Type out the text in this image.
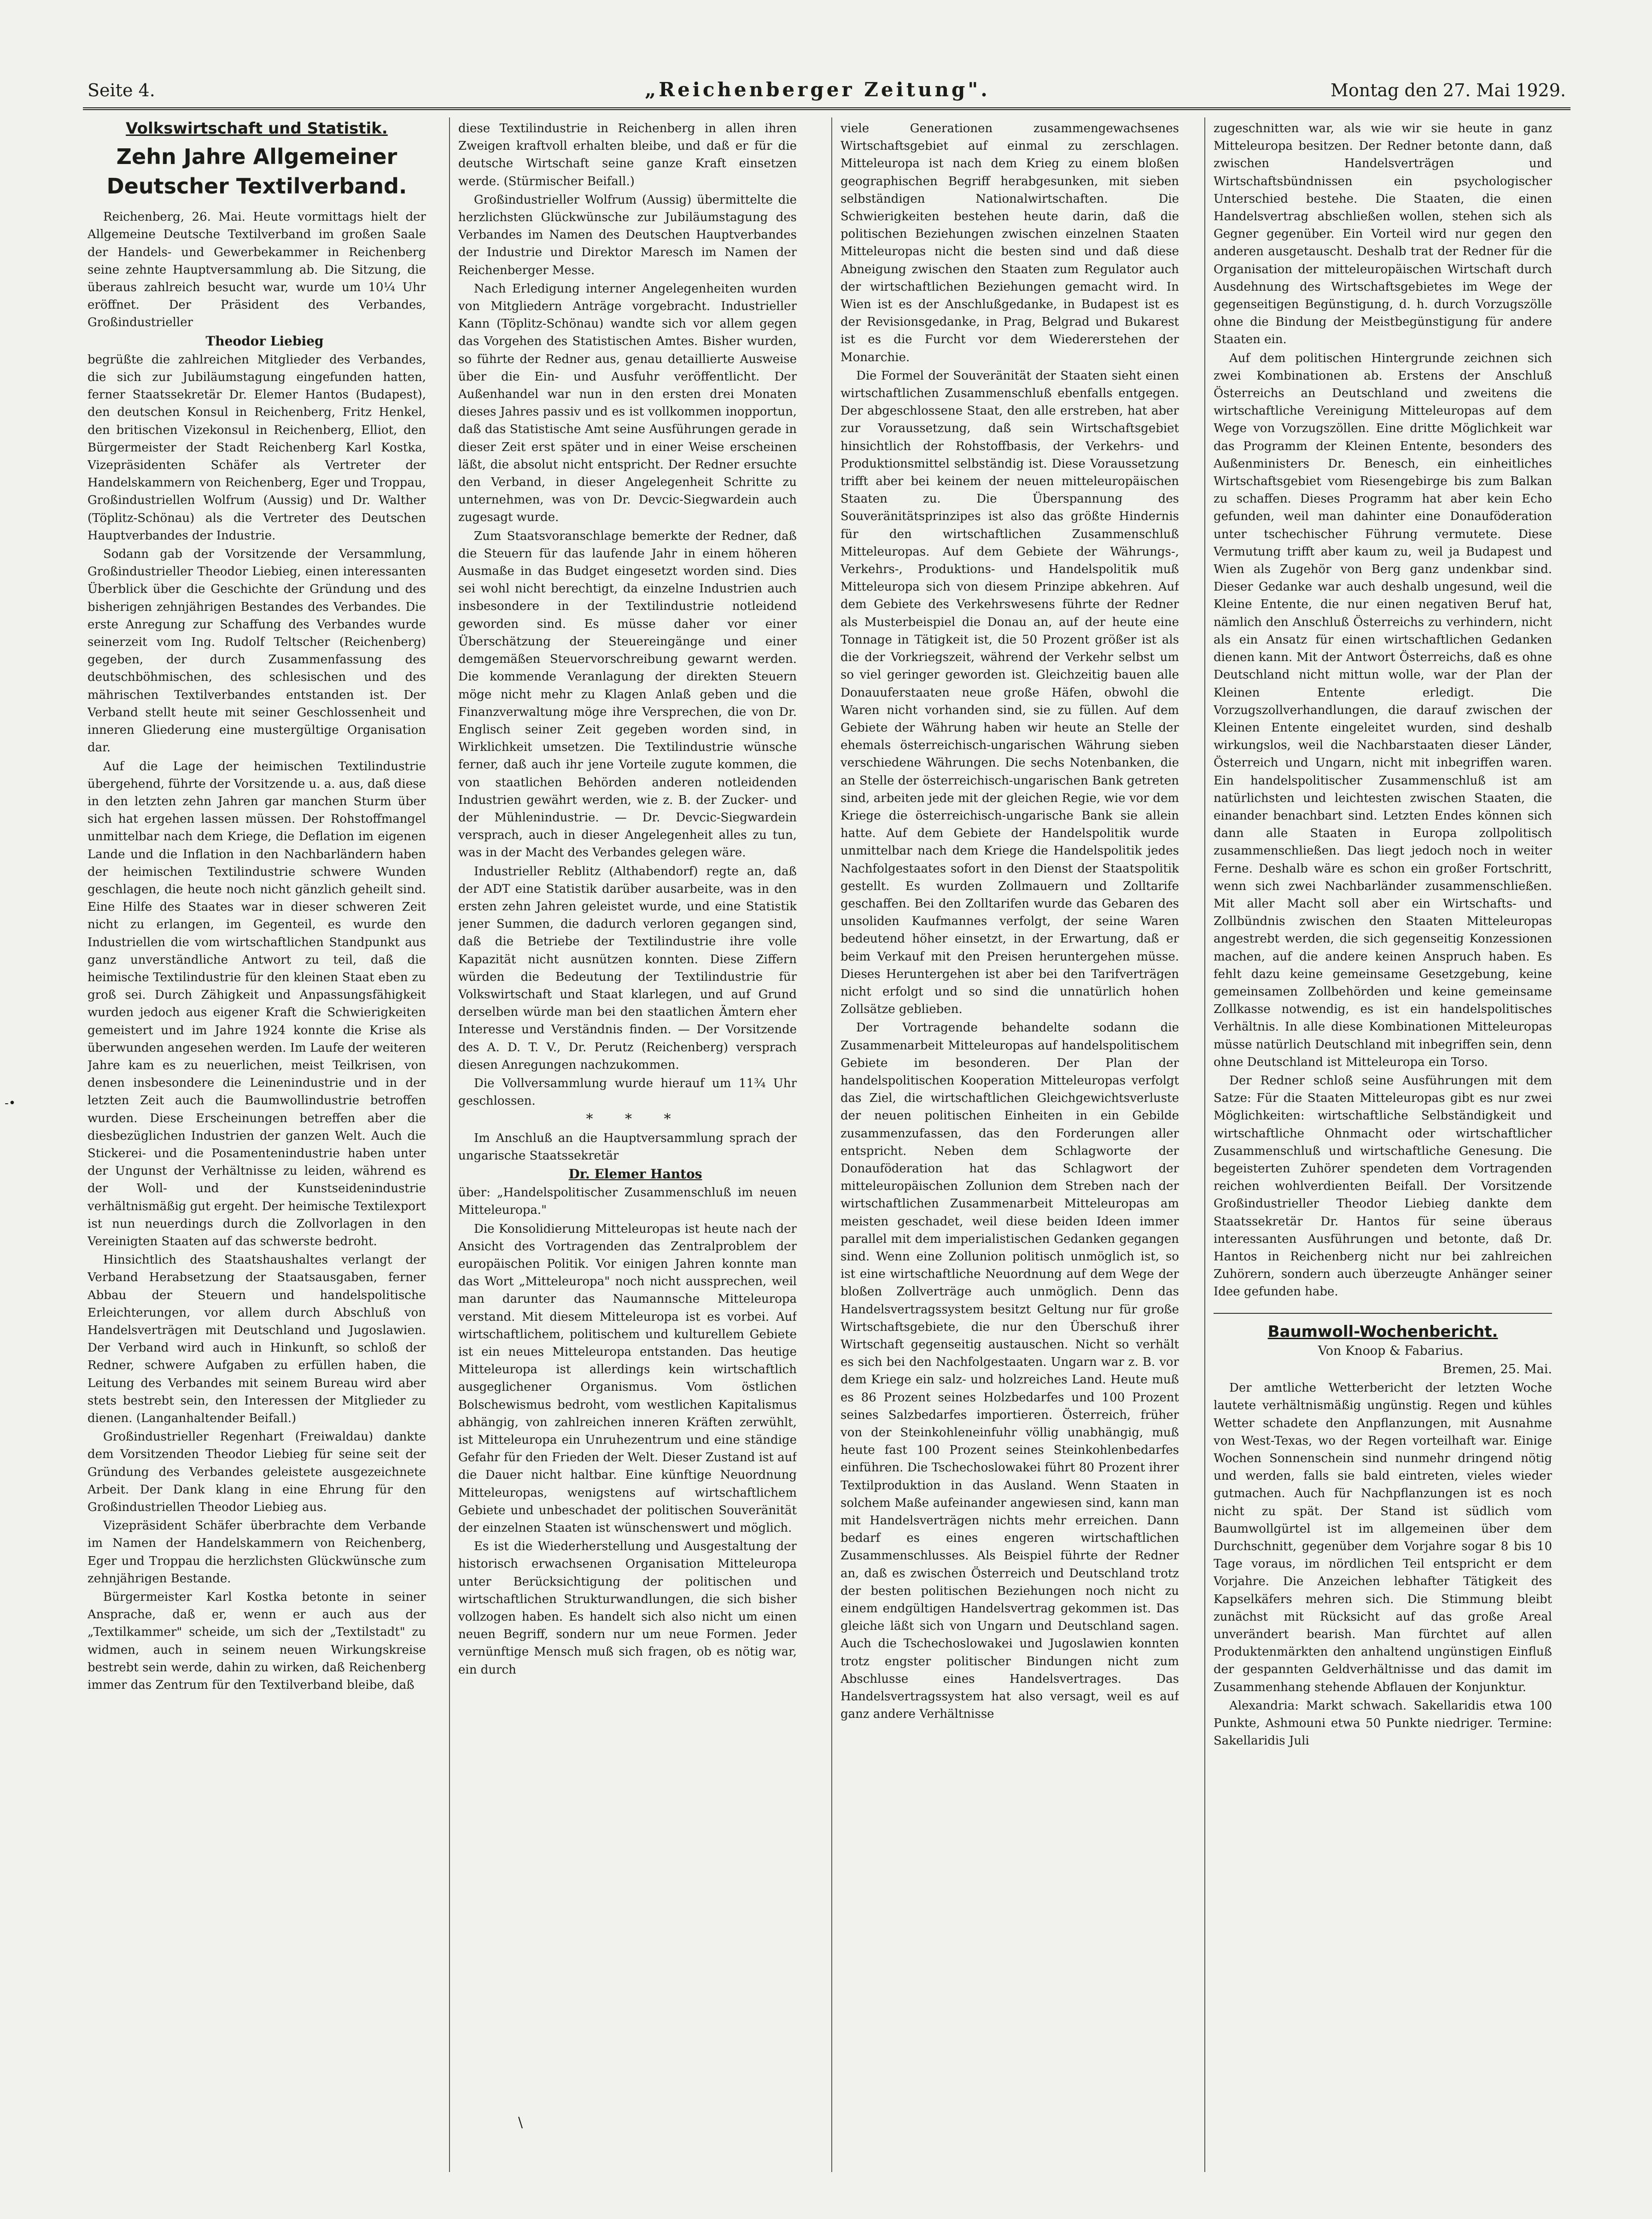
Seite 4.	„Reichenberger Zeitung".	Montag den 27. Mai 1929.
-•
Volkswirtschaft und Statistik.
Zehn Jahre Allgemeiner Deutscher Textilverband.

Reichenberg, 26. Mai. Heute vormittags hielt der Allgemeine Deutsche Textilverband im großen Saale der Handels- und Gewerbekammer in Reichenberg seine zehnte Hauptversammlung ab. Die Sitzung, die überaus zahlreich besucht war, wurde um 10¼ Uhr eröffnet. Der Präsident des Verbandes, Großindustrieller

Theodor Liebieg

begrüßte die zahlreichen Mitglieder des Verbandes, die sich zur Jubiläumstagung eingefunden hatten, ferner Staatssekretär Dr. Elemer Hantos (Budapest), den deutschen Konsul in Reichenberg, Fritz Henkel, den britischen Vizekonsul in Reichenberg, Elliot, den Bürgermeister der Stadt Reichenberg Karl Kostka, Vizepräsidenten Schäfer als Vertreter der Handelskammern von Reichenberg, Eger und Troppau, Großindustriellen Wolfrum (Aussig) und Dr. Walther (Töplitz-Schönau) als die Vertreter des Deutschen Hauptverbandes der Industrie.

Sodann gab der Vorsitzende der Versammlung, Großindustrieller Theodor Liebieg, einen interessanten Überblick über die Geschichte der Gründung und des bisherigen zehnjährigen Bestandes des Verbandes. Die erste Anregung zur Schaffung des Verbandes wurde seinerzeit vom Ing. Rudolf Teltscher (Reichenberg) gegeben, der durch Zusammenfassung des deutschböhmischen, des schlesischen und des mährischen Textilverbandes entstanden ist. Der Verband stellt heute mit seiner Geschlossenheit und inneren Gliederung eine mustergültige Organisation dar.

Auf die Lage der heimischen Textilindustrie übergehend, führte der Vorsitzende u. a. aus, daß diese in den letzten zehn Jahren gar manchen Sturm über sich hat ergehen lassen müssen. Der Rohstoffmangel unmittelbar nach dem Kriege, die Deflation im eigenen Lande und die Inflation in den Nachbarländern haben der heimischen Textilindustrie schwere Wunden geschlagen, die heute noch nicht gänzlich geheilt sind. Eine Hilfe des Staates war in dieser schweren Zeit nicht zu erlangen, im Gegenteil, es wurde den Industriellen die vom wirtschaftlichen Standpunkt aus ganz unverständliche Antwort zu teil, daß die heimische Textilindustrie für den kleinen Staat eben zu groß sei. Durch Zähigkeit und Anpassungsfähigkeit wurden jedoch aus eigener Kraft die Schwierigkeiten gemeistert und im Jahre 1924 konnte die Krise als überwunden angesehen werden. Im Laufe der weiteren Jahre kam es zu neuerlichen, meist Teilkrisen, von denen insbesondere die Leinenindustrie und in der letzten Zeit auch die Baumwollindustrie betroffen wurden. Diese Erscheinungen betreffen aber die diesbezüglichen Industrien der ganzen Welt. Auch die Stickerei- und die Posamentenindustrie haben unter der Ungunst der Verhältnisse zu leiden, während es der Woll- und der Kunstseidenindustrie verhältnismäßig gut ergeht. Der heimische Textilexport ist nun neuerdings durch die Zollvorlagen in den Vereinigten Staaten auf das schwerste bedroht.

Hinsichtlich des Staatshaushaltes verlangt der Verband Herabsetzung der Staatsausgaben, ferner Abbau der Steuern und handelspolitische Erleichterungen, vor allem durch Abschluß von Handelsverträgen mit Deutschland und Jugoslawien. Der Verband wird auch in Hinkunft, so schloß der Redner, schwere Aufgaben zu erfüllen haben, die Leitung des Verbandes mit seinem Bureau wird aber stets bestrebt sein, den Interessen der Mitglieder zu dienen. (Langanhaltender Beifall.)

Großindustrieller Regenhart (Freiwaldau) dankte dem Vorsitzenden Theodor Liebieg für seine seit der Gründung des Verbandes geleistete ausgezeichnete Arbeit. Der Dank klang in eine Ehrung für den Großindustriellen Theodor Liebieg aus.

Vizepräsident Schäfer überbrachte dem Verbande im Namen der Handelskammern von Reichenberg, Eger und Troppau die herzlichsten Glückwünsche zum zehnjährigen Bestande.

Bürgermeister Karl Kostka betonte in seiner Ansprache, daß er, wenn er auch aus der „Textilkammer" scheide, um sich der „Textilstadt" zu widmen, auch in seinem neuen Wirkungskreise bestrebt sein werde, dahin zu wirken, daß Reichenberg immer das Zentrum für den Textilverband bleibe, daß

diese Textilindustrie in Reichenberg in allen ihren Zweigen kraftvoll erhalten bleibe, und daß er für die deutsche Wirtschaft seine ganze Kraft einsetzen werde. (Stürmischer Beifall.)

Großindustrieller Wolfrum (Aussig) übermittelte die herzlichsten Glückwünsche zur Jubiläumstagung des Verbandes im Namen des Deutschen Hauptverbandes der Industrie und Direktor Maresch im Namen der Reichenberger Messe.

Nach Erledigung interner Angelegenheiten wurden von Mitgliedern Anträge vorgebracht. Industrieller Kann (Töplitz-Schönau) wandte sich vor allem gegen das Vorgehen des Statistischen Amtes. Bisher wurden, so führte der Redner aus, genau detaillierte Ausweise über die Ein- und Ausfuhr veröffentlicht. Der Außenhandel war nun in den ersten drei Monaten dieses Jahres passiv und es ist vollkommen inopportun, daß das Statistische Amt seine Ausführungen gerade in dieser Zeit erst später und in einer Weise erscheinen läßt, die absolut nicht entspricht. Der Redner ersuchte den Verband, in dieser Angelegenheit Schritte zu unternehmen, was von Dr. Devcic-Siegwardein auch zugesagt wurde.

Zum Staatsvoranschlage bemerkte der Redner, daß die Steuern für das laufende Jahr in einem höheren Ausmaße in das Budget eingesetzt worden sind. Dies sei wohl nicht berechtigt, da einzelne Industrien auch insbesondere in der Textilindustrie notleidend geworden sind. Es müsse daher vor einer Überschätzung der Steuereingänge und einer demgemäßen Steuervorschreibung gewarnt werden. Die kommende Veranlagung der direkten Steuern möge nicht mehr zu Klagen Anlaß geben und die Finanzverwaltung möge ihre Versprechen, die von Dr. Englisch seiner Zeit gegeben worden sind, in Wirklichkeit umsetzen. Die Textilindustrie wünsche ferner, daß auch ihr jene Vorteile zugute kommen, die von staatlichen Behörden anderen notleidenden Industrien gewährt werden, wie z. B. der Zucker- und der Mühlenindustrie. — Dr. Devcic-Siegwardein versprach, auch in dieser Angelegenheit alles zu tun, was in der Macht des Verbandes gelegen wäre.

Industrieller Reblitz (Althabendorf) regte an, daß der ADT eine Statistik darüber ausarbeite, was in den ersten zehn Jahren geleistet wurde, und eine Statistik jener Summen, die dadurch verloren gegangen sind, daß die Betriebe der Textilindustrie ihre volle Kapazität nicht ausnützen konnten. Diese Ziffern würden die Bedeutung der Textilindustrie für Volkswirtschaft und Staat klarlegen, und auf Grund derselben würde man bei den staatlichen Ämtern eher Interesse und Verständnis finden. — Der Vorsitzende des A. D. T. V., Dr. Perutz (Reichenberg) versprach diesen Anregungen nachzukommen.

Die Vollversammlung wurde hierauf um 11¾ Uhr geschlossen.

* * *

Im Anschluß an die Hauptversammlung sprach der ungarische Staatssekretär

Dr. Elemer Hantos

über: „Handelspolitischer Zusammenschluß im neuen Mitteleuropa."

Die Konsolidierung Mitteleuropas ist heute nach der Ansicht des Vortragenden das Zentralproblem der europäischen Politik. Vor einigen Jahren konnte man das Wort „Mitteleuropa" noch nicht aussprechen, weil man darunter das Naumannsche Mitteleuropa verstand. Mit diesem Mitteleuropa ist es vorbei. Auf wirtschaftlichem, politischem und kulturellem Gebiete ist ein neues Mitteleuropa entstanden. Das heutige Mitteleuropa ist allerdings kein wirtschaftlich ausgeglichener Organismus. Vom östlichen Bolschewismus bedroht, vom westlichen Kapitalismus abhängig, von zahlreichen inneren Kräften zerwühlt, ist Mitteleuropa ein Unruhezentrum und eine ständige Gefahr für den Frieden der Welt. Dieser Zustand ist auf die Dauer nicht haltbar. Eine künftige Neuordnung Mitteleuropas, wenigstens auf wirtschaftlichem Gebiete und unbeschadet der politischen Souveränität der einzelnen Staaten ist wünschenswert und möglich.

Es ist die Wiederherstellung und Ausgestaltung der historisch erwachsenen Organisation Mitteleuropa unter Berücksichtigung der politischen und wirtschaftlichen Strukturwandlungen, die sich bisher vollzogen haben. Es handelt sich also nicht um einen neuen Begriff, sondern nur um neue Formen. Jeder vernünftige Mensch muß sich fragen, ob es nötig war, ein durch

viele Generationen zusammengewachsenes Wirtschaftsgebiet auf einmal zu zerschlagen. Mitteleuropa ist nach dem Krieg zu einem bloßen geographischen Begriff herabgesunken, mit sieben selbständigen Nationalwirtschaften. Die Schwierigkeiten bestehen heute darin, daß die politischen Beziehungen zwischen einzelnen Staaten Mitteleuropas nicht die besten sind und daß diese Abneigung zwischen den Staaten zum Regulator auch der wirtschaftlichen Beziehungen gemacht wird. In Wien ist es der Anschlußgedanke, in Budapest ist es der Revisionsgedanke, in Prag, Belgrad und Bukarest ist es die Furcht vor dem Wiedererstehen der Monarchie.

Die Formel der Souveränität der Staaten sieht einen wirtschaftlichen Zusammenschluß ebenfalls entgegen. Der abgeschlossene Staat, den alle erstreben, hat aber zur Voraussetzung, daß sein Wirtschaftsgebiet hinsichtlich der Rohstoffbasis, der Verkehrs- und Produktionsmittel selbständig ist. Diese Voraussetzung trifft aber bei keinem der neuen mitteleuropäischen Staaten zu. Die Überspannung des Souveränitätsprinzipes ist also das größte Hindernis für den wirtschaftlichen Zusammenschluß Mitteleuropas. Auf dem Gebiete der Währungs-, Verkehrs-, Produktions- und Handelspolitik muß Mitteleuropa sich von diesem Prinzipe abkehren. Auf dem Gebiete des Verkehrswesens führte der Redner als Musterbeispiel die Donau an, auf der heute eine Tonnage in Tätigkeit ist, die 50 Prozent größer ist als die der Vorkriegszeit, während der Verkehr selbst um so viel geringer geworden ist. Gleichzeitig bauen alle Donauuferstaaten neue große Häfen, obwohl die Waren nicht vorhanden sind, sie zu füllen. Auf dem Gebiete der Währung haben wir heute an Stelle der ehemals österreichisch-ungarischen Währung sieben verschiedene Währungen. Die sechs Notenbanken, die an Stelle der österreichisch-ungarischen Bank getreten sind, arbeiten jede mit der gleichen Regie, wie vor dem Kriege die österreichisch-ungarische Bank sie allein hatte. Auf dem Gebiete der Handelspolitik wurde unmittelbar nach dem Kriege die Handelspolitik jedes Nachfolgestaates sofort in den Dienst der Staatspolitik gestellt. Es wurden Zollmauern und Zolltarife geschaffen. Bei den Zolltarifen wurde das Gebaren des unsoliden Kaufmannes verfolgt, der seine Waren bedeutend höher einsetzt, in der Erwartung, daß er beim Verkauf mit den Preisen heruntergehen müsse. Dieses Heruntergehen ist aber bei den Tarifverträgen nicht erfolgt und so sind die unnatürlich hohen Zollsätze geblieben.

Der Vortragende behandelte sodann die Zusammenarbeit Mitteleuropas auf handelspolitischem Gebiete im besonderen. Der Plan der handelspolitischen Kooperation Mitteleuropas verfolgt das Ziel, die wirtschaftlichen Gleichgewichtsverluste der neuen politischen Einheiten in ein Gebilde zusammenzufassen, das den Forderungen aller entspricht. Neben dem Schlagworte der Donauföderation hat das Schlagwort der mitteleuropäischen Zollunion dem Streben nach der wirtschaftlichen Zusammenarbeit Mitteleuropas am meisten geschadet, weil diese beiden Ideen immer parallel mit dem imperialistischen Gedanken gegangen sind. Wenn eine Zollunion politisch unmöglich ist, so ist eine wirtschaftliche Neuordnung auf dem Wege der bloßen Zollverträge auch unmöglich. Denn das Handelsvertragssystem besitzt Geltung nur für große Wirtschaftsgebiete, die nur den Überschuß ihrer Wirtschaft gegenseitig austauschen. Nicht so verhält es sich bei den Nachfolgestaaten. Ungarn war z. B. vor dem Kriege ein salz- und holzreiches Land. Heute muß es 86 Prozent seines Holzbedarfes und 100 Prozent seines Salzbedarfes importieren. Österreich, früher von der Steinkohleneinfuhr völlig unabhängig, muß heute fast 100 Prozent seines Steinkohlenbedarfes einführen. Die Tschechoslowakei führt 80 Prozent ihrer Textilproduktion in das Ausland. Wenn Staaten in solchem Maße aufeinander angewiesen sind, kann man mit Handelsverträgen nichts mehr erreichen. Dann bedarf es eines engeren wirtschaftlichen Zusammenschlusses. Als Beispiel führte der Redner an, daß es zwischen Österreich und Deutschland trotz der besten politischen Beziehungen noch nicht zu einem endgültigen Handelsvertrag gekommen ist. Das gleiche läßt sich von Ungarn und Deutschland sagen. Auch die Tschechoslowakei und Jugoslawien konnten trotz engster politischer Bindungen nicht zum Abschlusse eines Handelsvertrages. Das Handelsvertragssystem hat also versagt, weil es auf ganz andere Verhältnisse

zugeschnitten war, als wie wir sie heute in ganz Mitteleuropa besitzen. Der Redner betonte dann, daß zwischen Handelsverträgen und Wirtschaftsbündnissen ein psychologischer Unterschied bestehe. Die Staaten, die einen Handelsvertrag abschließen wollen, stehen sich als Gegner gegenüber. Ein Vorteil wird nur gegen den anderen ausgetauscht. Deshalb trat der Redner für die Organisation der mitteleuropäischen Wirtschaft durch Ausdehnung des Wirtschaftsgebietes im Wege der gegenseitigen Begünstigung, d. h. durch Vorzugszölle ohne die Bindung der Meistbegünstigung für andere Staaten ein.

Auf dem politischen Hintergrunde zeichnen sich zwei Kombinationen ab. Erstens der Anschluß Österreichs an Deutschland und zweitens die wirtschaftliche Vereinigung Mitteleuropas auf dem Wege von Vorzugszöllen. Eine dritte Möglichkeit war das Programm der Kleinen Entente, besonders des Außenministers Dr. Benesch, ein einheitliches Wirtschaftsgebiet vom Riesengebirge bis zum Balkan zu schaffen. Dieses Programm hat aber kein Echo gefunden, weil man dahinter eine Donauföderation unter tschechischer Führung vermutete. Diese Vermutung trifft aber kaum zu, weil ja Budapest und Wien als Zugehör von Berg ganz undenkbar sind. Dieser Gedanke war auch deshalb ungesund, weil die Kleine Entente, die nur einen negativen Beruf hat, nämlich den Anschluß Österreichs zu verhindern, nicht als ein Ansatz für einen wirtschaftlichen Gedanken dienen kann. Mit der Antwort Österreichs, daß es ohne Deutschland nicht mittun wolle, war der Plan der Kleinen Entente erledigt. Die Vorzugszollverhandlungen, die darauf zwischen der Kleinen Entente eingeleitet wurden, sind deshalb wirkungslos, weil die Nachbarstaaten dieser Länder, Österreich und Ungarn, nicht mit inbegriffen waren. Ein handelspolitischer Zusammenschluß ist am natürlichsten und leichtesten zwischen Staaten, die einander benachbart sind. Letzten Endes können sich dann alle Staaten in Europa zollpolitisch zusammenschließen. Das liegt jedoch noch in weiter Ferne. Deshalb wäre es schon ein großer Fortschritt, wenn sich zwei Nachbarländer zusammenschließen. Mit aller Macht soll aber ein Wirtschafts- und Zollbündnis zwischen den Staaten Mitteleuropas angestrebt werden, die sich gegenseitig Konzessionen machen, auf die andere keinen Anspruch haben. Es fehlt dazu keine gemeinsame Gesetzgebung, keine gemeinsamen Zollbehörden und keine gemeinsame Zollkasse notwendig, es ist ein handelspolitisches Verhältnis. In alle diese Kombinationen Mitteleuropas müsse natürlich Deutschland mit inbegriffen sein, denn ohne Deutschland ist Mitteleuropa ein Torso.

Der Redner schloß seine Ausführungen mit dem Satze: Für die Staaten Mitteleuropas gibt es nur zwei Möglichkeiten: wirtschaftliche Selbständigkeit und wirtschaftliche Ohnmacht oder wirtschaftlicher Zusammenschluß und wirtschaftliche Genesung. Die begeisterten Zuhörer spendeten dem Vortragenden reichen wohlverdienten Beifall. Der Vorsitzende Großindustrieller Theodor Liebieg dankte dem Staatssekretär Dr. Hantos für seine überaus interessanten Ausführungen und betonte, daß Dr. Hantos in Reichenberg nicht nur bei zahlreichen Zuhörern, sondern auch überzeugte Anhänger seiner Idee gefunden habe.

Baumwoll-Wochenbericht.

Von Knoop & Fabarius.

Bremen, 25. Mai.

Der amtliche Wetterbericht der letzten Woche lautete verhältnismäßig ungünstig. Regen und kühles Wetter schadete den Anpflanzungen, mit Ausnahme von West-Texas, wo der Regen vorteilhaft war. Einige Wochen Sonnenschein sind nunmehr dringend nötig und werden, falls sie bald eintreten, vieles wieder gutmachen. Auch für Nachpflanzungen ist es noch nicht zu spät. Der Stand ist südlich vom Baumwollgürtel ist im allgemeinen über dem Durchschnitt, gegenüber dem Vorjahre sogar 8 bis 10 Tage voraus, im nördlichen Teil entspricht er dem Vorjahre. Die Anzeichen lebhafter Tätigkeit des Kapselkäfers mehren sich. Die Stimmung bleibt zunächst mit Rücksicht auf das große Areal unverändert bearish. Man fürchtet auf allen Produktenmärkten den anhaltend ungünstigen Einfluß der gespannten Geldverhältnisse und das damit im Zusammenhang stehende Abflauen der Konjunktur.

Alexandria: Markt schwach. Sakellaridis etwa 100 Punkte, Ashmouni etwa 50 Punkte niedriger. Termine: Sakellaridis Juli

\
